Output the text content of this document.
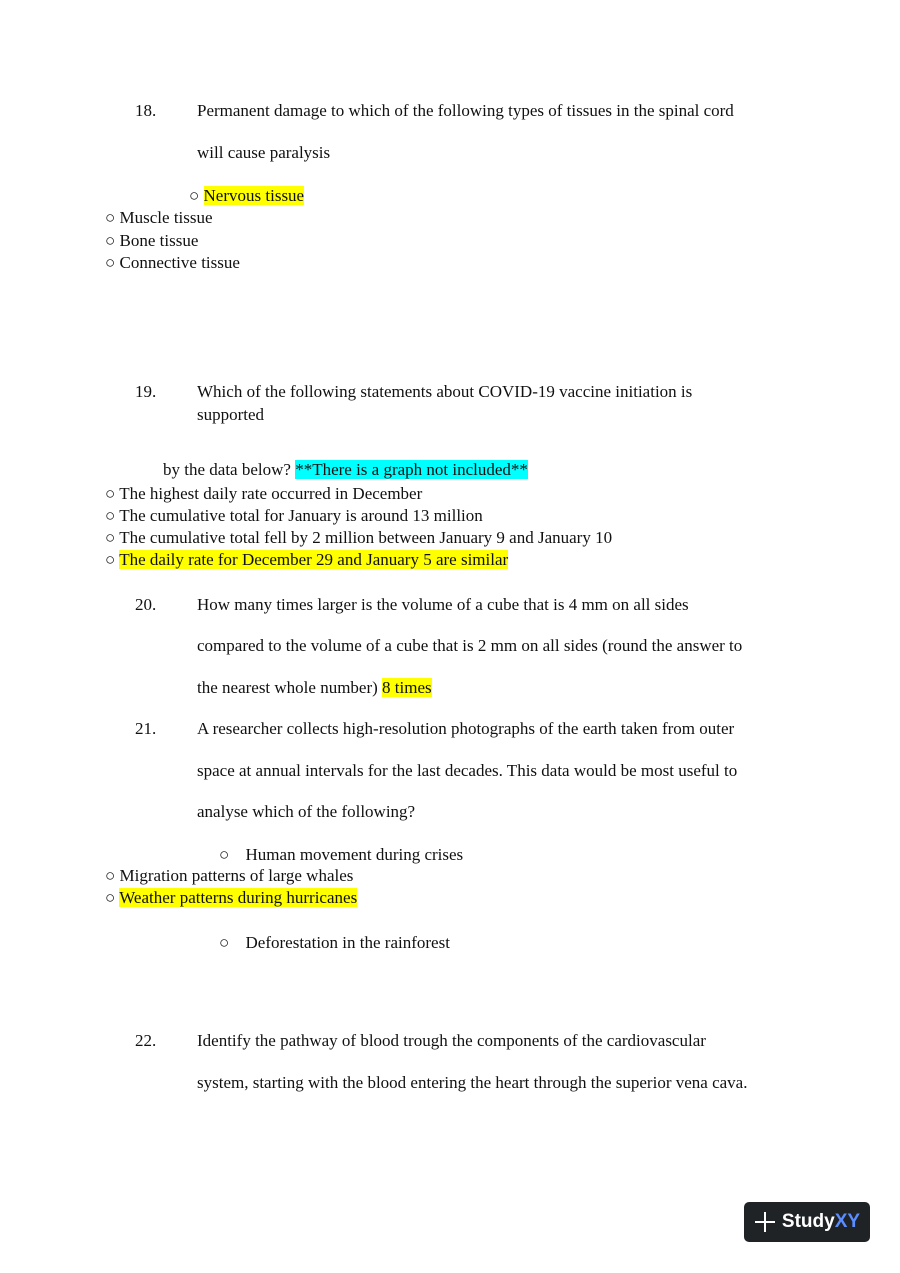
18. Permanent damage to which of the following types of tissues in the spinal cord
will cause paralysis
○ Nervous tissue
○ Muscle tissue
○ Bone tissue
○ Connective tissue
19. Which of the following statements about COVID-19 vaccine initiation is
supported
by the data below? **There is a graph not included**
○ The highest daily rate occurred in December
○ The cumulative total for January is around 13 million
○ The cumulative total fell by 2 million between January 9 and January 10
○ The daily rate for December 29 and January 5 are similar
20. How many times larger is the volume of a cube that is 4 mm on all sides
compared to the volume of a cube that is 2 mm on all sides (round the answer to
the nearest whole number) 8 times
21. A researcher collects high-resolution photographs of the earth taken from outer
space at annual intervals for the last decades. This data would be most useful to
analyse which of the following?
○ Human movement during crises
○ Migration patterns of large whales
○ Weather patterns during hurricanes
○ Deforestation in the rainforest
22. Identify the pathway of blood trough the components of the cardiovascular
system, starting with the blood entering the heart through the superior vena cava.
Study XY
